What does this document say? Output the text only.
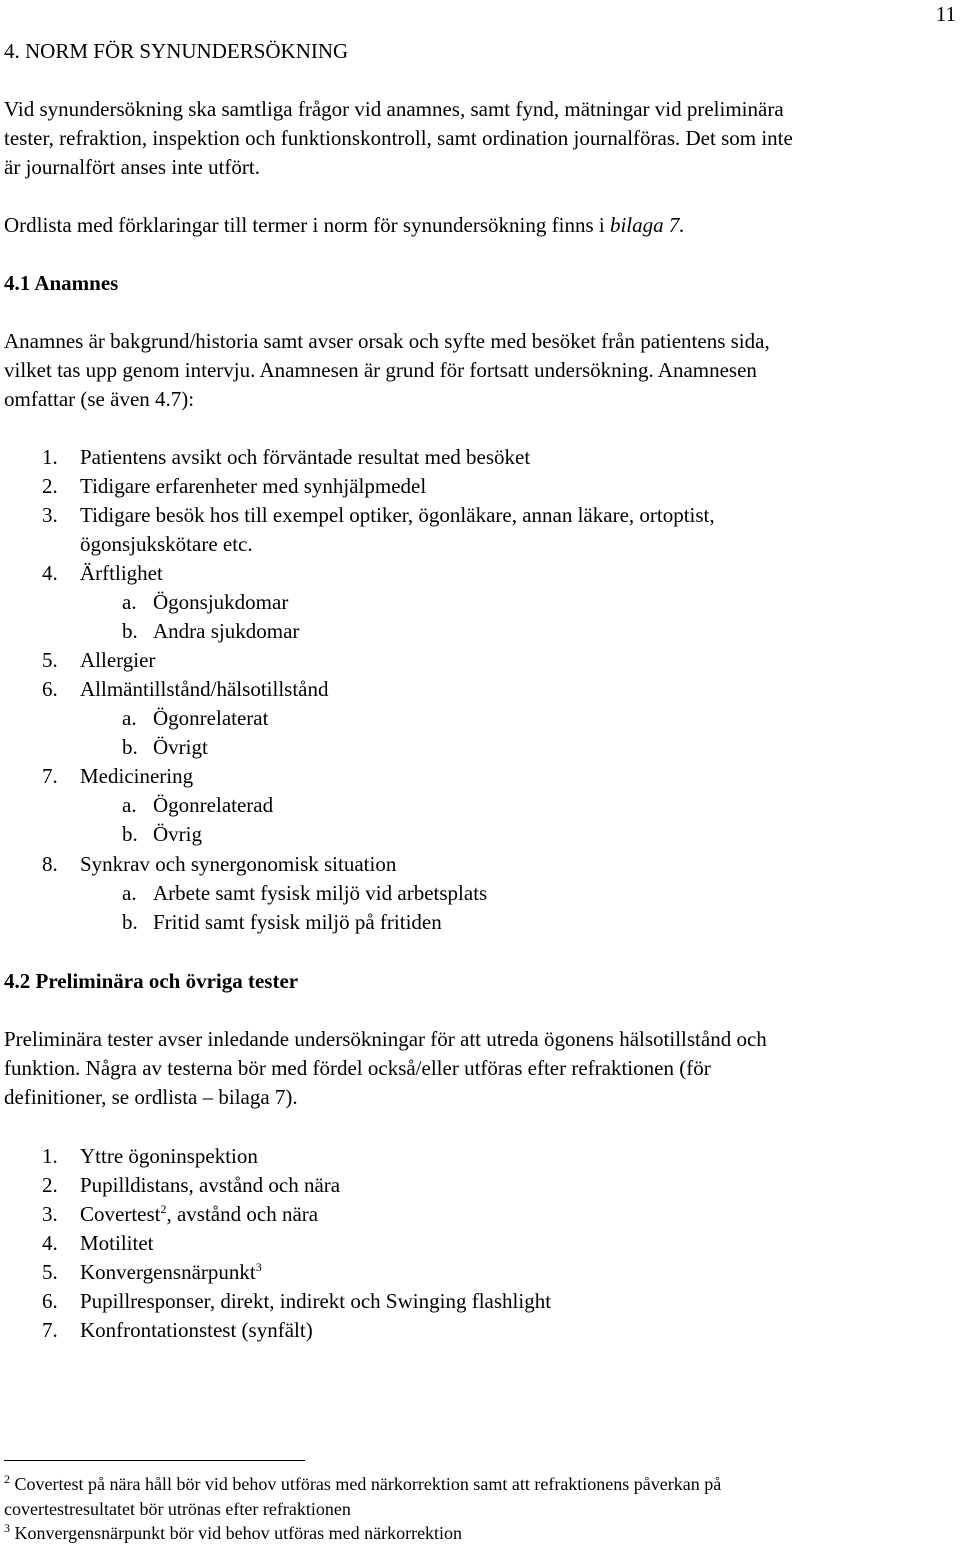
11
4. NORM FÖR SYNUNDERSÖKNING
Vid synundersökning ska samtliga frågor vid anamnes, samt fynd, mätningar vid preliminära
tester, refraktion, inspektion och funktionskontroll, samt ordination journalföras. Det som inte
är journalfört anses inte utfört.
Ordlista med förklaringar till termer i norm för synundersökning finns i bilaga 7.
4.1 Anamnes
Anamnes är bakgrund/historia samt avser orsak och syfte med besöket från patientens sida,
vilket tas upp genom intervju. Anamnesen är grund för fortsatt undersökning. Anamnesen
omfattar (se även 4.7):
1. Patientens avsikt och förväntade resultat med besöket
2. Tidigare erfarenheter med synhjälpmedel
3. Tidigare besök hos till exempel optiker, ögonläkare, annan läkare, ortoptist,
ögonsjukskötare etc.
4. Ärftlighet
a. Ögonsjukdomar
b. Andra sjukdomar
5. Allergier
6. Allmäntillstånd/hälsotillstånd
a. Ögonrelaterat
b. Övrigt
7. Medicinering
a. Ögonrelaterad
b. Övrig
8. Synkrav och synergonomisk situation
a. Arbete samt fysisk miljö vid arbetsplats
b. Fritid samt fysisk miljö på fritiden
4.2 Preliminära och övriga tester
Preliminära tester avser inledande undersökningar för att utreda ögonens hälsotillstånd och
funktion. Några av testerna bör med fördel också/eller utföras efter refraktionen (för
definitioner, se ordlista – bilaga 7).
1. Yttre ögoninspektion
2. Pupilldistans, avstånd och nära
3. Covertest$^2$, avstånd och nära
4. Motilitet
5. Konvergensnärpunkt$^3$
6. Pupillresponser, direkt, indirekt och Swinging flashlight
7. Konfrontationstest (synfält)
$^2$ Covertest på nära håll bör vid behov utföras med närkorrektion samt att refraktionens påverkan på
covertestresultatet bör utrönas efter refraktionen
$^3$ Konvergensnärpunkt bör vid behov utföras med närkorrektion
